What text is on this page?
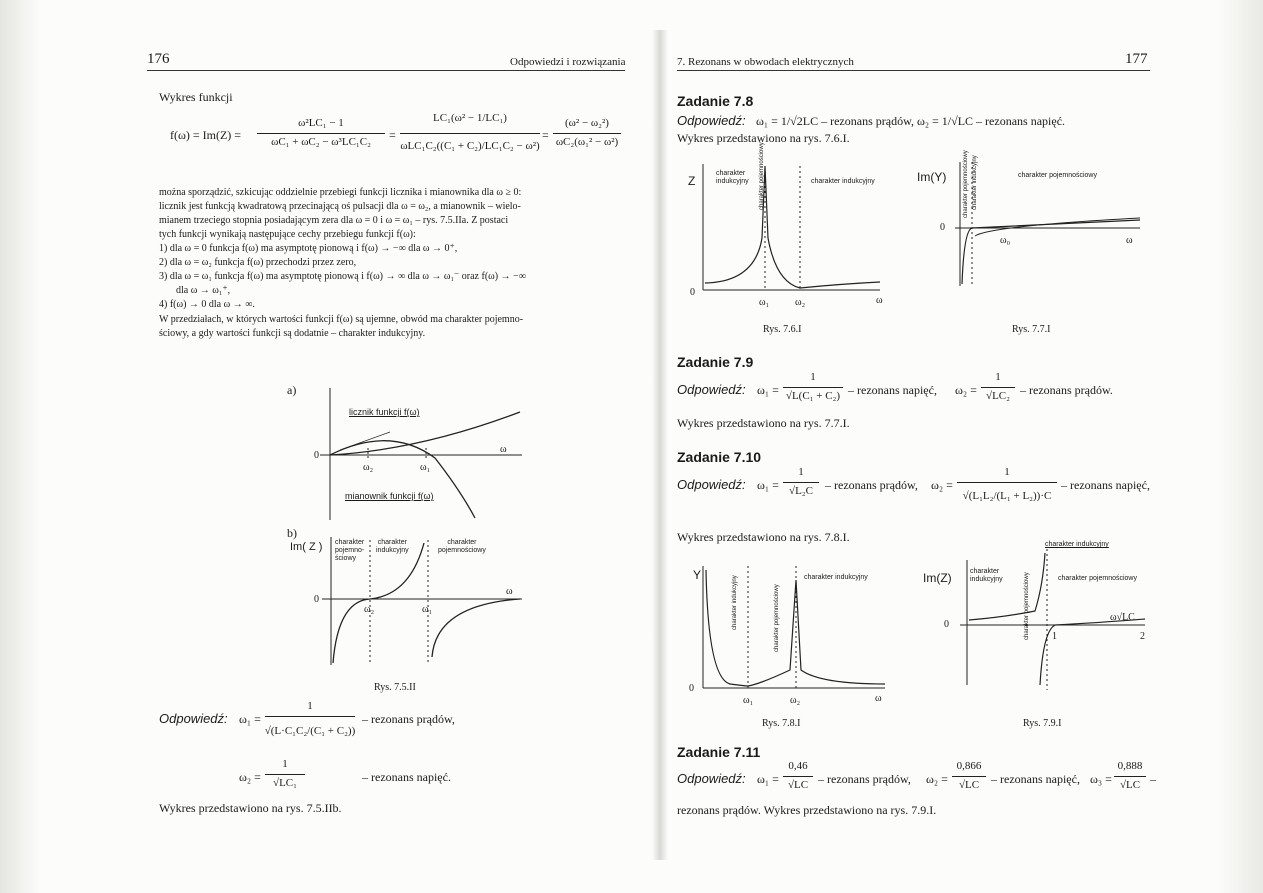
176	Odpowiedzi i rozwiązania
Wykres funkcji
f(ω) = Im(Z) =
ω²LC₁ − 1
ωC₁ + ωC₂ − ω³LC₁C₂	=
LC₁(ω² − 1/LC₁)
ωLC₁C₂((C₁ + C₂)/LC₁C₂ − ω²)
=
(ω² − ω₂²)
ωC₂(ω₁² − ω²)
można sporządzić, szkicując oddzielnie przebiegi funkcji licznika i mianownika dla ω ≥ 0:
licznik jest funkcją kwadratową przecinającą oś pulsacji dla ω = ω₂, a mianownik – wielo-
mianem trzeciego stopnia posiadającym zera dla ω = 0 i ω = ω₁ – rys. 7.5.IIa. Z postaci
tych funkcji wynikają następujące cechy przebiegu funkcji f(ω):
1) dla ω = 0 funkcja f(ω) ma asymptotę pionową i f(ω) → −∞ dla ω → 0⁺,
2) dla ω = ω₂ funkcja f(ω) przechodzi przez zero,
3) dla ω = ω₁ funkcja f(ω) ma asymptotę pionową i f(ω) → ∞ dla ω → ω₁⁻ oraz f(ω) → −∞
dla ω → ω₁⁺,
4) f(ω) → 0 dla ω → ∞.
W przedziałach, w których wartości funkcji f(ω) są ujemne, obwód ma charakter pojemno-
ściowy, a gdy wartości funkcji są dodatnie – charakter indukcyjny.
a)
0
ω
ω₂	ω₁
licznik funkcji f(ω)
mianownik funkcji f(ω)
b)
Im( Z ) charakter
pojemno-
ściowy
charakter
indukcyjny
charakter
pojemnościowy
0
ω
ω₂	ω₁
Rys. 7.5.II
Odpowiedź: ω₁ =
1
√(L·C₁C₂/(C₁ + C₂))
– rezonans prądów,
ω₂ =
1
√LC₁	– rezonans napięć.
Wykres przedstawiono na rys. 7.5.IIb.
7. Rezonans w obwodach elektrycznych	177
Zadanie 7.8
Odpowiedź: ω₁ = 1/√2LC – rezonans prądów, ω₂ = 1/√LC – rezonans napięć.
Wykres przedstawiono na rys. 7.6.I.
Z
charakter
indukcyjny	charakter pojemnościowy	charakter indukcyjny
0
ω₁	ω₂	ω
Rys. 7.6.I
Im(Y)	charakter pojemnościowy charakter indukcyjny	charakter pojemnościowy
0
ω₀	ω
Rys. 7.7.I
Zadanie 7.9
Odpowiedź: ω₁ =
1
√L(C₁ + C₂) – rezonans napięć, ω₂ =
1
√LC₂ – rezonans prądów.
Wykres przedstawiono na rys. 7.7.I.
Zadanie 7.10
Odpowiedź: ω₁ =
1
√L₂C	– rezonans prądów, ω₂ =
1
√(L₁L₂/(L₁ + L₂))·C
– rezonans napięć,
Wykres przedstawiono na rys. 7.8.I.
Y
charakter indukcyjny	charakter pojemnościowy
charakter indukcyjny
0
ω₁	ω₂	ω
Rys. 7.8.I
charakter indukcyjny
Im(Z)	charakter
indukcyjny	charakter pojemnościowy	charakter pojemnościowy
0
ω√LC
1	2
Rys. 7.9.I
Zadanie 7.11
Odpowiedź: ω₁ =
0,46
√LC – rezonans prądów, ω₂ =
0,866
√LC – rezonans napięć, ω₃ =
0,888
√LC –
rezonans prądów. Wykres przedstawiono na rys. 7.9.I.
